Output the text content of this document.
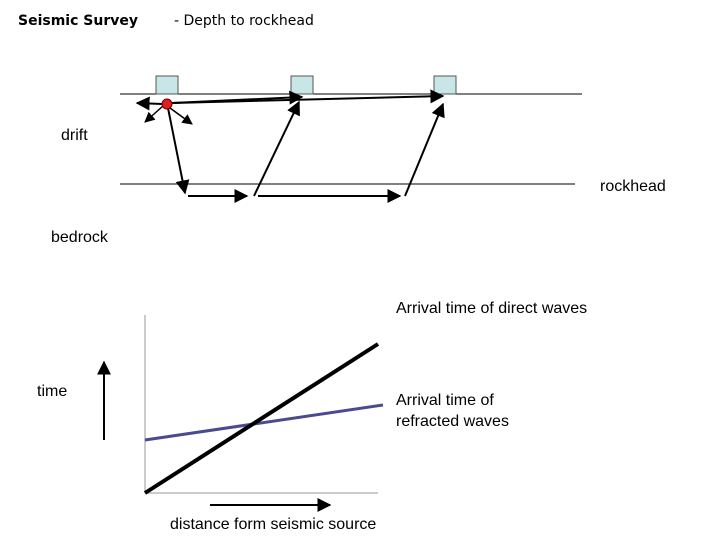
Seismic Survey	- Depth to rockhead
drift
rockhead
bedrock
Arrival time of direct waves
Arrival time of refracted waves
time
distance form seismic source
